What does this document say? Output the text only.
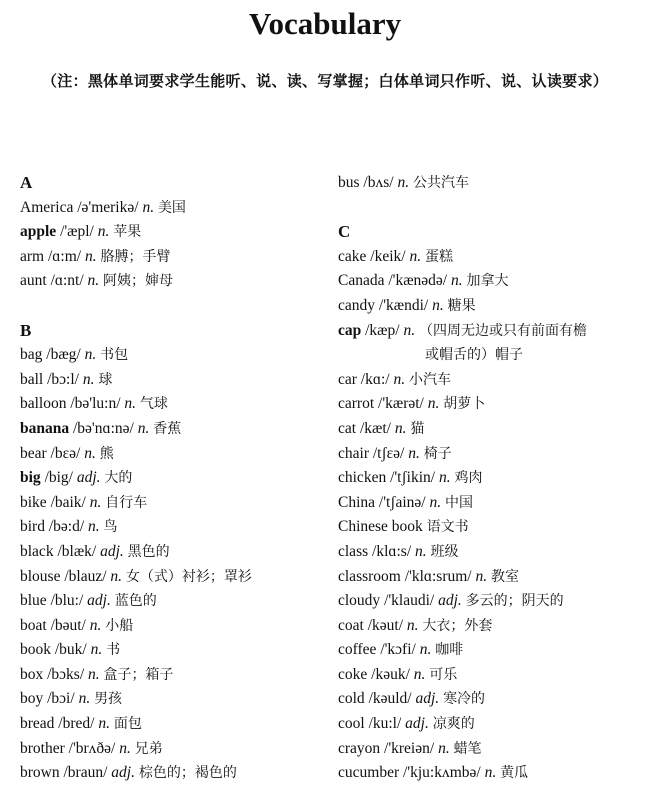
Vocabulary
（注：黑体单词要求学生能听、说、读、写掌握；白体单词只作听、说、认读要求）
A
America /ə'merikə/ n. 美国
apple /'æpl/ n. 苹果
arm /ɑ:m/ n. 胳膊；手臂
aunt /ɑ:nt/ n. 阿姨；婶母
B
bag /bæg/ n. 书包
ball /bɔ:l/ n. 球
balloon /bə'lu:n/ n. 气球
banana /bə'nɑ:nə/ n. 香蕉
bear /bεə/ n. 熊
big /big/ adj. 大的
bike /baik/ n. 自行车
bird /bə:d/ n. 鸟
black /blæk/ adj. 黑色的
blouse /blauz/ n. 女（式）衬衫；罩衫
blue /blu:/ adj. 蓝色的
boat /bəut/ n. 小船
book /buk/ n. 书
box /bɔks/ n. 盒子；箱子
boy /bɔi/ n. 男孩
bread /bred/ n. 面包
brother /'brʌðə/ n. 兄弟
brown /braun/ adj. 棕色的；褐色的
bus /bʌs/ n. 公共汽车
C
cake /keik/ n. 蛋糕
Canada /'kænədə/ n. 加拿大
candy /'kændi/ n. 糖果
cap /kæp/ n. （四周无边或只有前面有檐
或帽舌的）帽子
car /kɑ:/ n. 小汽车
carrot /'kærət/ n. 胡萝卜
cat /kæt/ n. 猫
chair /tʃεə/ n. 椅子
chicken /'tʃikin/ n. 鸡肉
China /'tʃainə/ n. 中国
Chinese book 语文书
class /klɑ:s/ n. 班级
classroom /'klɑ:srum/ n. 教室
cloudy /'klaudi/ adj. 多云的；阴天的
coat /kəut/ n. 大衣；外套
coffee /'kɔfi/ n. 咖啡
coke /kəuk/ n. 可乐
cold /kəuld/ adj. 寒冷的
cool /ku:l/ adj. 凉爽的
crayon /'kreiən/ n. 蜡笔
cucumber /'kju:kʌmbə/ n. 黄瓜
